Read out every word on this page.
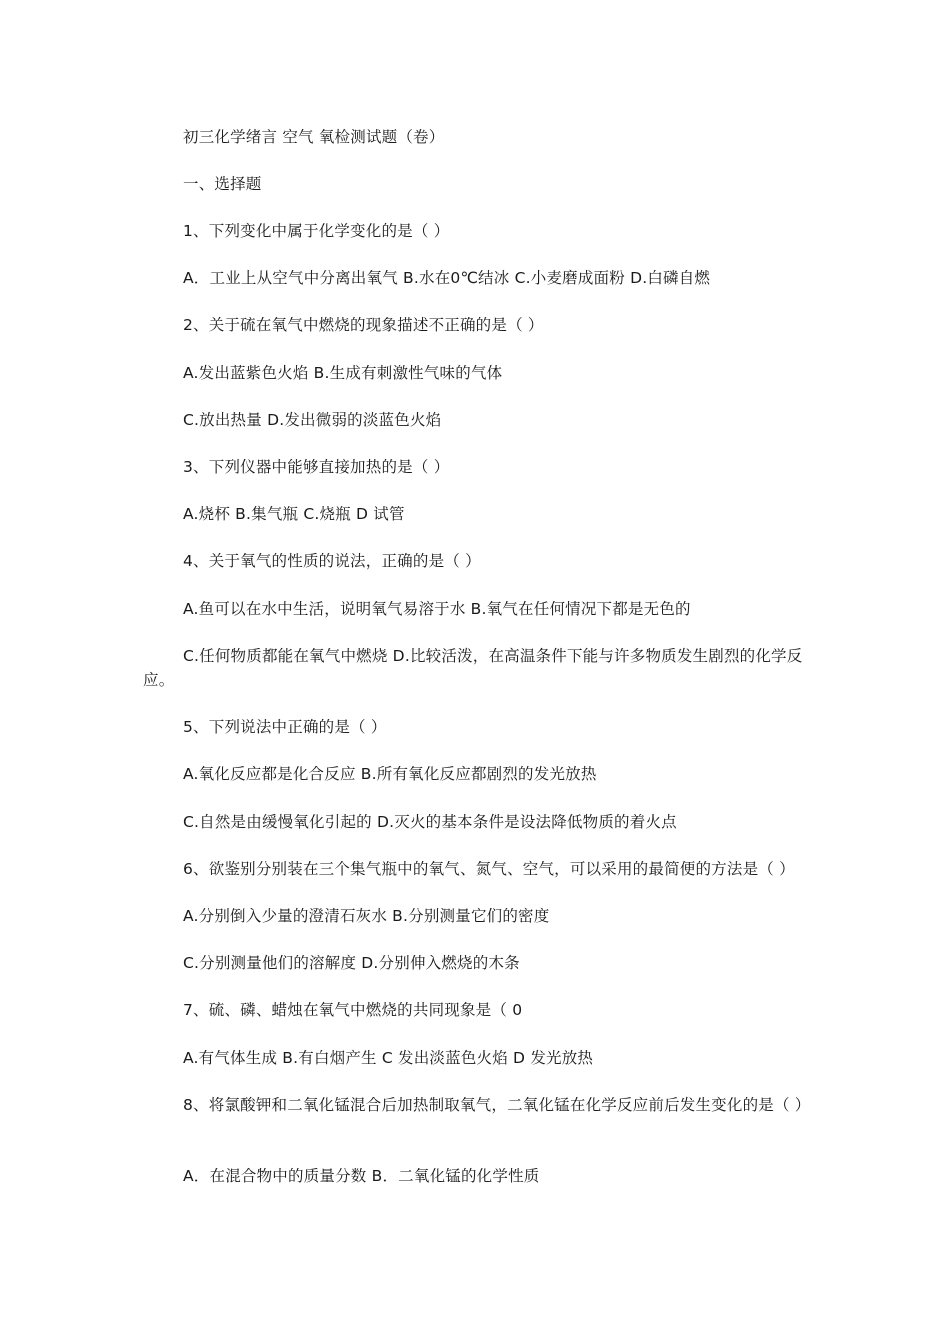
初三化学绪言 空气 氧检测试题（卷）
一、选择题
1、下列变化中属于化学变化的是（ ）
A．工业上从空气中分离出氧气 B.水在0℃结冰 C.小麦磨成面粉 D.白磷自燃
2、关于硫在氧气中燃烧的现象描述不正确的是（ ）
A.发出蓝紫色火焰 B.生成有刺激性气味的气体
C.放出热量 D.发出微弱的淡蓝色火焰
3、下列仪器中能够直接加热的是（ ）
A.烧杯 B.集气瓶 C.烧瓶 D 试管
4、关于氧气的性质的说法，正确的是（ ）
A.鱼可以在水中生活，说明氧气易溶于水 B.氧气在任何情况下都是无色的
C.任何物质都能在氧气中燃烧 D.比较活泼，在高温条件下能与许多物质发生剧烈的化学反应。
5、下列说法中正确的是（ ）
A.氧化反应都是化合反应 B.所有氧化反应都剧烈的发光放热
C.自然是由缓慢氧化引起的 D.灭火的基本条件是设法降低物质的着火点
6、欲鉴别分别装在三个集气瓶中的氧气、氮气、空气，可以采用的最简便的方法是（ ）
A.分别倒入少量的澄清石灰水 B.分别测量它们的密度
C.分别测量他们的溶解度 D.分别伸入燃烧的木条
7、硫、磷、蜡烛在氧气中燃烧的共同现象是（ 0
A.有气体生成 B.有白烟产生 C 发出淡蓝色火焰 D 发光放热
8、将氯酸钾和二氧化锰混合后加热制取氧气，二氧化锰在化学反应前后发生变化的是（ ）
A．在混合物中的质量分数 B．二氧化锰的化学性质
